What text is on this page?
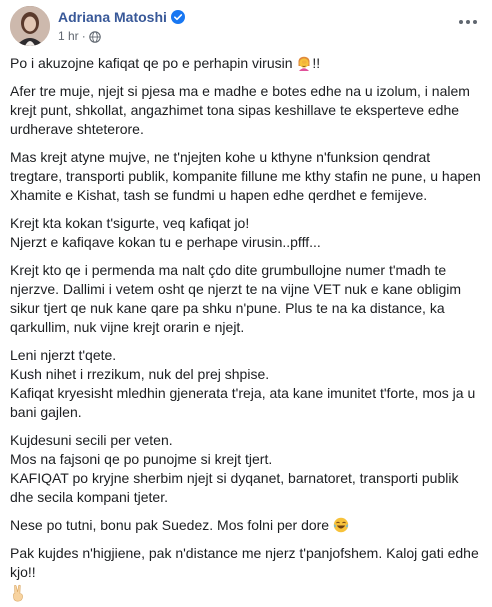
Adriana Matoshi
1 hr ·

Po i akuzojne kafiqat qe po e perhapin virusin !!

Afer tre muje, njejt si pjesa ma e madhe e botes edhe na u izolum, i nalem krejt punt, shkollat, angazhimet tona sipas keshillave te eksperteve edhe urdherave shteterore.

Mas krejt atyne mujve, ne t'njejten kohe u kthyne n'funksion qendrat tregtare, transporti publik, kompanite fillune me kthy stafin ne pune, u hapen Xhamite e Kishat, tash se fundmi u hapen edhe qerdhet e femijeve.

Krejt kta kokan t'sigurte, veq kafiqat jo!
Njerzt e kafiqave kokan tu e perhape virusin..pfff...

Krejt kto qe i permenda ma nalt çdo dite grumbullojne numer t'madh te njerzve. Dallimi i vetem osht qe njerzt te na vijne VET nuk e kane obligim sikur tjert qe nuk kane qare pa shku n'pune. Plus te na ka distance, ka qarkullim, nuk vijne krejt orarin e njejt.

Leni njerzt t'qete.
Kush nihet i rrezikum, nuk del prej shpise.
Kafiqat kryesisht mledhin gjenerata t'reja, ata kane imunitet t'forte, mos ja u bani gajlen.

Kujdesuni secili per veten.
Mos na fajsoni qe po punojme si krejt tjert.
KAFIQAT po kryjne sherbim njejt si dyqanet, barnatoret, transporti publik dhe secila kompani tjeter.

Nese po tutni, bonu pak Suedez. Mos folni per dore

Pak kujdes n'higjiene, pak n'distance me njerz t'panjofshem. Kaloj gati edhe kjo!!
